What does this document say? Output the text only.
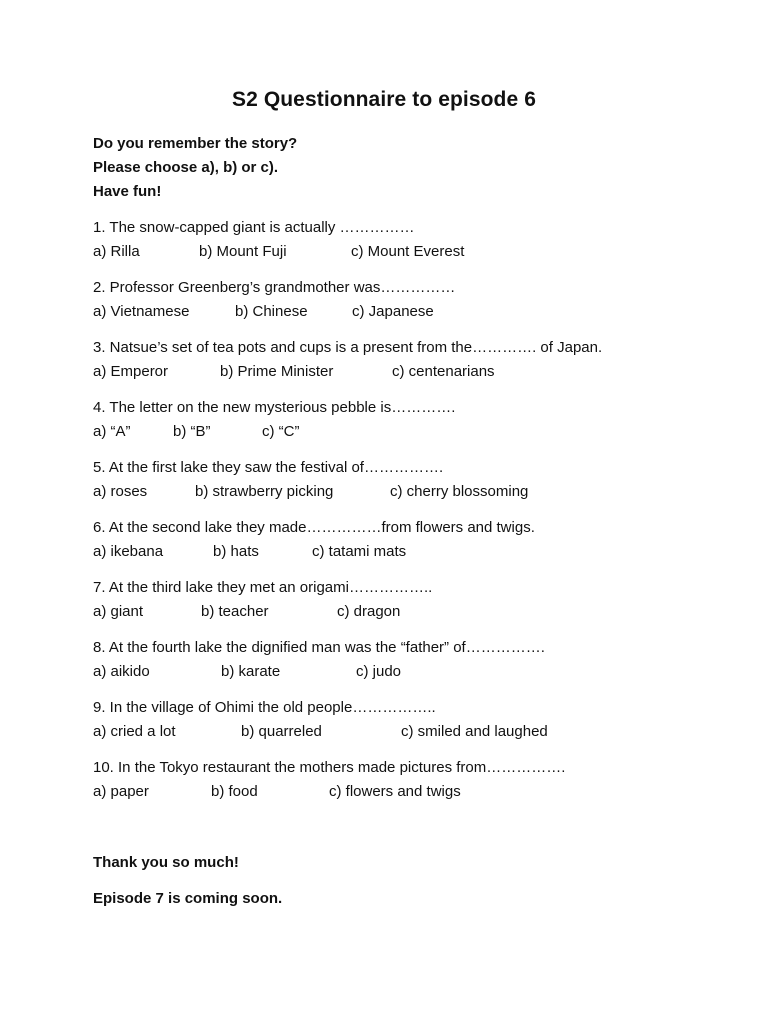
S2 Questionnaire to episode 6
Do you remember the story?
Please choose a), b) or c).
Have fun!
1. The snow-capped giant is actually ……………
a) Rilla	b) Mount Fuji	c) Mount Everest
2. Professor Greenberg’s grandmother was……………
a) Vietnamese	b) Chinese	c) Japanese
3. Natsue’s set of tea pots and cups is a present from the…………. of Japan.
a) Emperor	b) Prime Minister	c) centenarians
4. The letter on the new mysterious pebble is………….
a) “A”	b) “B”	c) “C”
5. At the first lake they saw the festival of…………….
a) roses	b) strawberry picking	c) cherry blossoming
6. At the second lake they made……………from flowers and twigs.
a) ikebana	b) hats	c) tatami mats
7. At the third lake they met an origami……………..
a) giant	b) teacher	c) dragon
8. At the fourth lake the dignified man was the “father” of…………….
a) aikido	b) karate	c) judo
9. In the village of Ohimi the old people……………..
a) cried a lot	b) quarreled	c) smiled and laughed
10. In the Tokyo restaurant the mothers made pictures from…………….
a) paper	b) food	c) flowers and twigs
Thank you so much!
Episode 7 is coming soon.
